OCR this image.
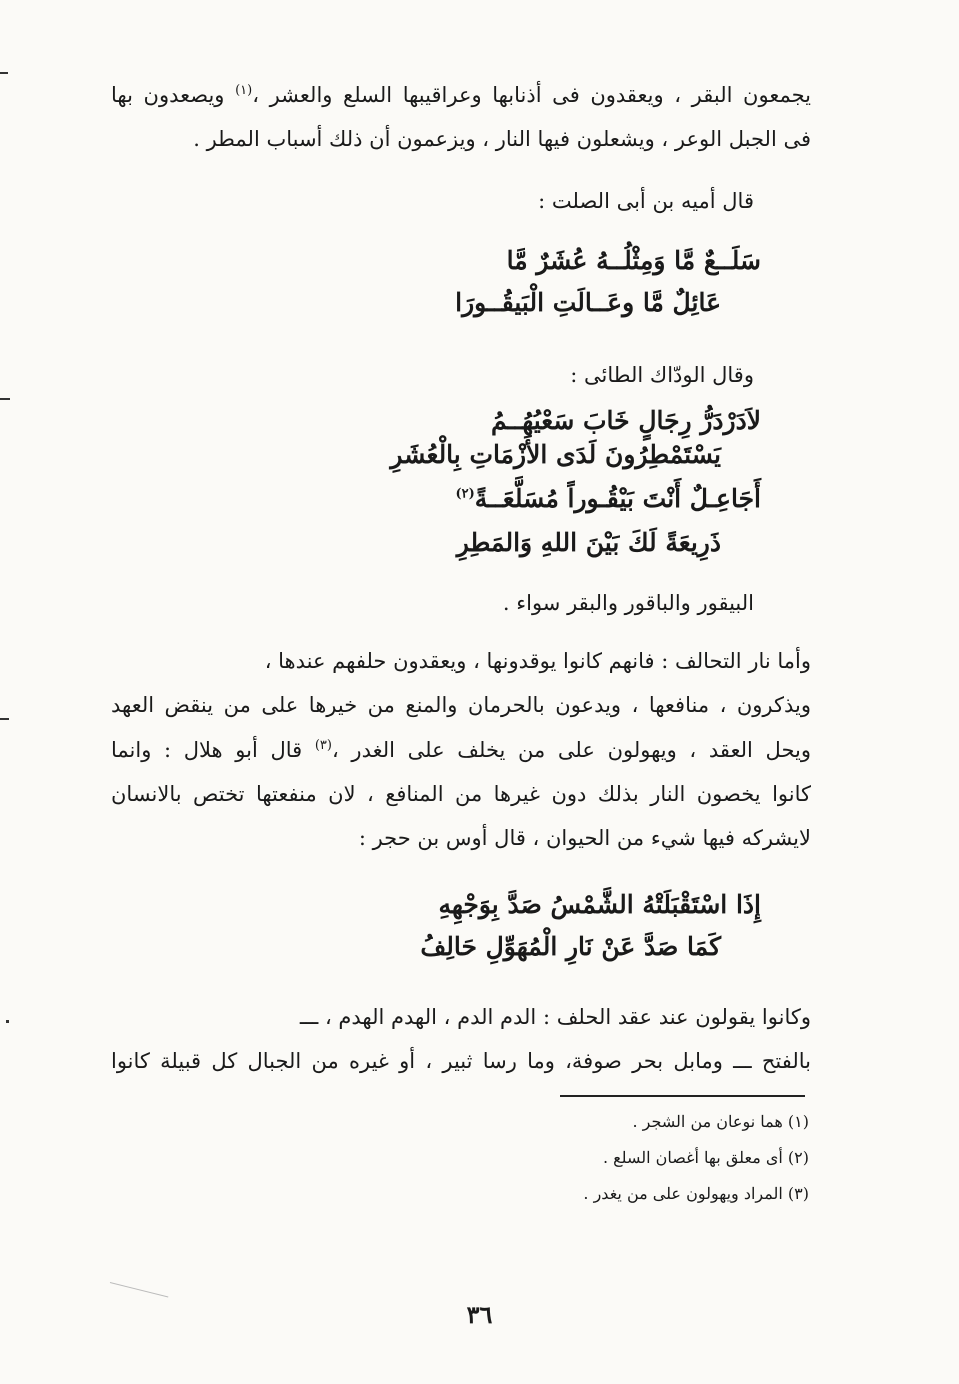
يجمعون البقر ، ويعقدون فى أذنابها وعراقيبها السلع والعشر ،$^{(١)}$ ويصعدون بها
فى الجبل الوعر ، ويشعلون فيها النار ، ويزعمون أن ذلك أسباب المطر .
قال أميه بن أبى الصلت :
سَلَــعٌ مَّا وَمِثْلُــهُ عُشَرٌ مَّا
عَائِلٌ مَّا وعَــالَتِ الْبَيقُــورَا
وقال الودّاك الطائى :
لاَدَرْدَرُّ رِجَالٍ خَابَ سَعْيُهُــمُ
يَسْتَمْطِرُونَ لَدَى الأَزْمَاتِ بِالْعُشَرِ
أَجَاعِـلٌ أَنْتَ بَيْقُـوراً مُسَلَّعَــةً$^{(٢)}$
ذَرِيعَةً لَكَ بَيْنَ اللهِ وَالمَطِرِ
البيقور والباقور والبقر سواء .
وأما نار التحالف : فانهم كانوا يوقدونها ، ويعقدون حلفهم عندها ،
ويذكرون ، منافعها ، ويدعون بالحرمان والمنع من خيرها على من ينقض العهد
ويحل العقد ، ويهولون على من يخلف على الغدر ،$^{(٣)}$ قال أبو هلال : وانما
كانوا يخصون النار بذلك دون غيرها من المنافع ، لان منفعتها تختص بالانسان
لايشركه فيها شيء من الحيوان ، قال أوس بن حجر :
إِذَا اسْتَقْبَلَتْهُ الشَّمْسُ صَدَّ بِوَجْهِهِ
كَمَا صَدَّ عَنْ نَارِ الْمُهَوِّلِ حَالِفُ
وكانوا يقولون عند عقد الحلف : الدم الدم ، الهدم الهدم ، ـــ
بالفتح ـــ ومابل بحر صوفة، وما رسا ثبير ، أو غيره من الجبال كل قبيلة كانوا
(١) هما نوعان من الشجر .
(٢) أى معلق بها أغصان السلع .
(٣) المراد ويهولون على من يغدر .
٣٦
